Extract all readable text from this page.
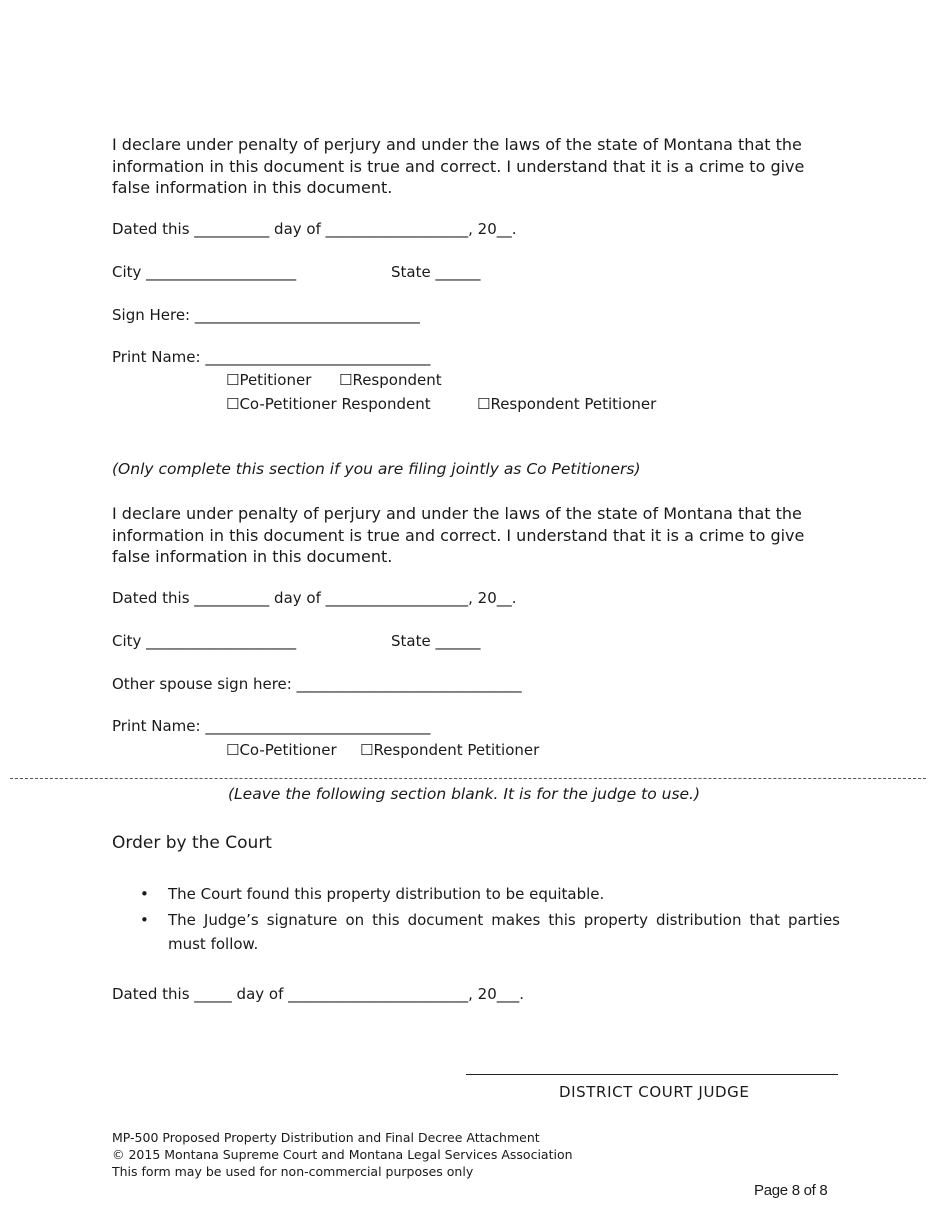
I declare under penalty of perjury and under the laws of the state of Montana that the information in this document is true and correct. I understand that it is a crime to give false information in this document.
Dated this __________ day of ___________________, 20__.
City ____________________	State ______
Sign Here: ______________________________
Print Name: ______________________________
☐Petitioner ☐Respondent
☐Co-Petitioner Respondent	☐Respondent Petitioner
(Only complete this section if you are filing jointly as Co Petitioners)
I declare under penalty of perjury and under the laws of the state of Montana that the information in this document is true and correct. I understand that it is a crime to give false information in this document.
Dated this __________ day of ___________________, 20__.
City ____________________	State ______
Other spouse sign here: ______________________________
Print Name: ______________________________
☐Co-Petitioner ☐Respondent Petitioner
(Leave the following section blank. It is for the judge to use.)
Order by the Court
• The Court found this property distribution to be equitable.
• The Judge’s signature on this document makes this property distribution that parties must follow.
Dated this _____ day of ________________________, 20___.
DISTRICT COURT JUDGE
MP-500 Proposed Property Distribution and Final Decree Attachment
© 2015 Montana Supreme Court and Montana Legal Services Association
This form may be used for non-commercial purposes only
Page 8 of 8
